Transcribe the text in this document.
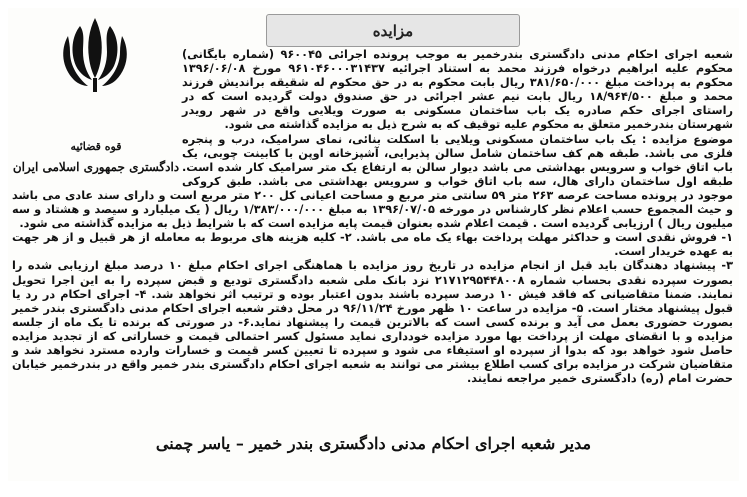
مزایده
قوه قضائیه
دادگستری جمهوری اسلامی ایران

شعبه اجرای احکام مدنی دادگستری بندرخمیر به موجب پرونده اجرائی ۹۶۰۰۴۵ (شماره بایگانی) محکوم علیه ابراهیم درخواه فرزند محمد به استناد اجرائیه ۹۶۱۰۴۶۰۰۰۳۱۴۳۷ مورخ ۱۳۹۶/۰۶/۰۸ محکوم به پرداخت مبلغ ۳۸۱/۶۵۰/۰۰۰ ریال بابت محکوم به در حق محکوم له شقیقه براندیش فرزند محمد و مبلغ ۱۸/۹۶۴/۵۰۰ ریال بابت نیم عشر اجرائی در حق صندوق دولت گردیده است که در راستای اجرای حکم صادره یک باب ساختمان مسکونی به صورت ویلایی واقع در شهر رویدر شهرستان بندرخمیر متعلق به محکوم علیه توقیف که به شرح ذیل به مزایده گذاشته می شود.

موضوع مزایده : یک باب ساختمان مسکونی ویلایی با اسکلت بنائی، نمای سرامیک، درب و پنجره فلزی می باشد. طبقه هم کف ساختمان شامل سالن پذیرایی، آشپزخانه اوپن با کابینت چوبی، یک باب اتاق خواب و سرویس بهداشتی می باشد دیوار سالن به ارتفاع یک متر سرامیک کار شده است. طبقه اول ساختمان دارای هال، سه باب اتاق خواب و سرویس بهداشتی می باشد. طبق کروکی موجود در پرونده مساحت عرصه ۲۶۳ متر ۵۹ سانتی متر مربع و مساحت اعیانی کل ۲۰۰ متر مربع است و دارای سند عادی می باشد و حیث المجموع حسب اعلام نظر کارشناس در مورخه ۱۳۹۶/۰۷/۰۵ به مبلغ ۱/۳۸۳/۰۰۰/۰۰۰ ریال ( یک میلیارد و سیصد و هشتاد و سه میلیون ریال ) ارزیابی گردیده است . قیمت اعلام شده بعنوان قیمت پایه مزایده است که با شرایط ذیل به مزایده گذاشته می شود.

۱- فروش نقدی است و حداکثر مهلت پرداخت بهاء یک ماه می باشد. ۲- کلیه هزینه های مربوط به معامله از هر قبیل و از هر جهت به عهده خریدار است.

۳- پیشنهاد دهندگان باید قبل از انجام مزایده در تاریخ روز مزایده با هماهنگی اجرای احکام مبلغ ۱۰ درصد مبلغ ارزیابی شده را بصورت سپرده نقدی بحساب شماره ۲۱۷۱۲۹۵۴۴۸۰۰۸ نزد بانک ملی شعبه دادگستری تودیع و قبض سپرده را به این اجرا تحویل نمایند. ضمنا متقاضیانی که فاقد فیش ۱۰ درصد سپرده باشند بدون اعتبار بوده و ترتیب اثر نخواهد شد. ۴- اجرای احکام در رد یا قبول پیشنهاد مختار است. ۵- مزایده در ساعت ۱۰ ظهر مورخ ۹۶/۱۱/۲۴ در محل دفتر شعبه اجرای احکام مدنی دادگستری بندر خمیر بصورت حضوری بعمل می آید و برنده کسی است که بالاترین قیمت را پیشنهاد نماید.۶- در صورتی که برنده تا یک ماه از جلسه مزایده و با انقضای مهلت از پرداخت بها مورد مزایده خودداری نماید مسئول کسر احتمالی قیمت و خساراتی که از تجدید مزایده حاصل شود خواهد بود که بدوا از سپرده او استیفاء می شود و سپرده تا تعیین کسر قیمت و خسارات وارده مسترد نخواهد شد و متقاضیان شرکت در مزایده برای کسب اطلاع بیشتر می توانند به شعبه اجرای احکام دادگستری بندر خمیر واقع در بندرخمیر خیابان حضرت امام (ره) دادگستری خمیر مراجعه نمایند.

مدیر شعبه اجرای احکام مدنی دادگستری بندر خمیر – یاسر چمنی
